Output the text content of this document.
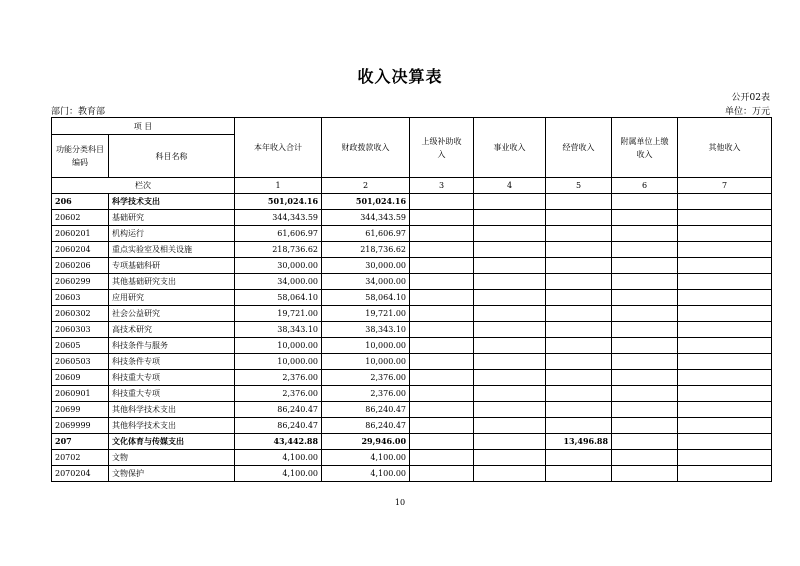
收入决算表
公开02表
部门：教育部	单位：万元
项 目		本年收入合计	财政拨款收入	上级补助收入	事业收入	经营收入	附属单位上缴收入	其他收入
功能分类科目编码	科目名称							
栏次		1	2	3	4	5	6	7
206	科学技术支出	501,024.16	501,024.16					
20602	基础研究	344,343.59	344,343.59					
2060201	机构运行	61,606.97	61,606.97					
2060204	重点实验室及相关设施	218,736.62	218,736.62					
2060206	专项基础科研	30,000.00	30,000.00					
2060299	其他基础研究支出	34,000.00	34,000.00					
20603	应用研究	58,064.10	58,064.10					
2060302	社会公益研究	19,721.00	19,721.00					
2060303	高技术研究	38,343.10	38,343.10					
20605	科技条件与服务	10,000.00	10,000.00					
2060503	科技条件专项	10,000.00	10,000.00					
20609	科技重大专项	2,376.00	2,376.00					
2060901	科技重大专项	2,376.00	2,376.00					
20699	其他科学技术支出	86,240.47	86,240.47					
2069999	其他科学技术支出	86,240.47	86,240.47					
207	文化体育与传媒支出	43,442.88	29,946.00			13,496.88		
20702	文物	4,100.00	4,100.00					
2070204	文物保护	4,100.00	4,100.00					
10
